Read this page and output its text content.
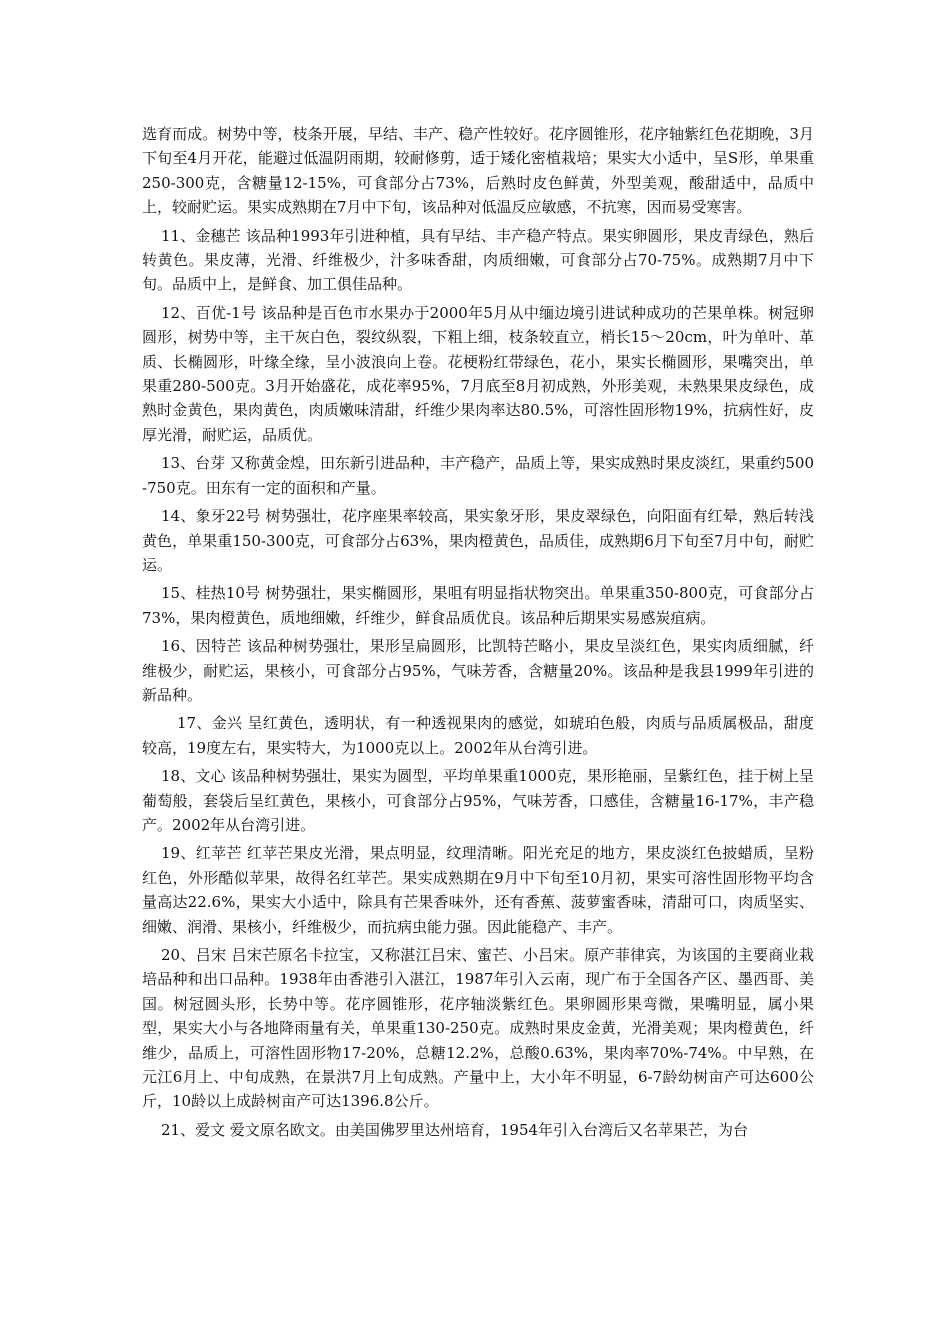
选育而成。树势中等，枝条开展，早结、丰产、稳产性较好。花序圆锥形，花序轴紫红色花期晚，3月下旬至4月开花，能避过低温阴雨期，较耐修剪，适于矮化密植栽培；果实大小适中，呈S形，单果重250-300克，含糖量12-15%，可食部分占73%，后熟时皮色鲜黄，外型美观，酸甜适中，品质中上，较耐贮运。果实成熟期在7月中下旬，该品种对低温反应敏感，不抗寒，因而易受寒害。

11、金穗芒 该品种1993年引进种植，具有早结、丰产稳产特点。果实卵圆形，果皮青绿色，熟后转黄色。果皮薄，光滑、纤维极少，汁多味香甜，肉质细嫩，可食部分占70-75%。成熟期7月中下旬。品质中上，是鲜食、加工俱佳品种。

12、百优-1号 该品种是百色市水果办于2000年5月从中缅边境引进试种成功的芒果单株。树冠卵圆形，树势中等，主干灰白色，裂纹纵裂，下粗上细，枝条较直立，梢长15～20cm，叶为单叶、革质、长椭圆形，叶缘全缘，呈小波浪向上卷。花梗粉红带绿色，花小，果实长椭圆形，果嘴突出，单果重280-500克。3月开始盛花，成花率95%，7月底至8月初成熟，外形美观，未熟果果皮绿色，成熟时金黄色，果肉黄色，肉质嫩味清甜，纤维少果肉率达80.5%，可溶性固形物19%，抗病性好，皮厚光滑，耐贮运，品质优。

13、台芽 又称黄金煌，田东新引进品种，丰产稳产，品质上等，果实成熟时果皮淡红，果重约500-750克。田东有一定的面积和产量。

14、象牙22号 树势强壮，花序座果率较高，果实象牙形，果皮翠绿色，向阳面有红晕，熟后转浅黄色，单果重150-300克，可食部分占63%，果肉橙黄色，品质佳，成熟期6月下旬至7月中旬，耐贮运。

15、桂热10号 树势强壮，果实椭圆形，果咀有明显指状物突出。单果重350-800克，可食部分占73%，果肉橙黄色，质地细嫩，纤维少，鲜食品质优良。该品种后期果实易感炭疽病。

16、因特芒 该品种树势强壮，果形呈扁圆形，比凯特芒略小，果皮呈淡红色，果实肉质细腻，纤维极少，耐贮运，果核小，可食部分占95%，气味芳香，含糖量20%。该品种是我县1999年引进的新品种。

17、金兴 呈红黄色，透明状，有一种透视果肉的感觉，如琥珀色般，肉质与品质属极品，甜度较高，19度左右，果实特大，为1000克以上。2002年从台湾引进。

18、文心 该品种树势强壮，果实为圆型，平均单果重1000克，果形艳丽，呈紫红色，挂于树上呈葡萄般，套袋后呈红黄色，果核小，可食部分占95%，气味芳香，口感佳，含糖量16-17%，丰产稳产。2002年从台湾引进。

19、红苹芒 红苹芒果皮光滑，果点明显，纹理清晰。阳光充足的地方，果皮淡红色披蜡质，呈粉红色，外形酷似苹果，故得名红苹芒。果实成熟期在9月中下旬至10月初，果实可溶性固形物平均含量高达22.6%，果实大小适中，除具有芒果香味外，还有香蕉、菠萝蜜香味，清甜可口，肉质坚实、细嫩、润滑、果核小，纤维极少，而抗病虫能力强。因此能稳产、丰产。

20、吕宋 吕宋芒原名卡拉宝，又称湛江吕宋、蜜芒、小吕宋。原产菲律宾，为该国的主要商业栽培品种和出口品种。1938年由香港引入湛江，1987年引入云南，现广布于全国各产区、墨西哥、美国。树冠圆头形，长势中等。花序圆锥形，花序轴淡紫红色。果卵圆形果弯微，果嘴明显，属小果型，果实大小与各地降雨量有关，单果重130-250克。成熟时果皮金黄，光滑美观；果肉橙黄色，纤维少，品质上，可溶性固形物17-20%，总糖12.2%，总酸0.63%，果肉率70%-74%。中早熟，在元江6月上、中旬成熟，在景洪7月上旬成熟。产量中上，大小年不明显，6-7龄幼树亩产可达600公斤，10龄以上成龄树亩产可达1396.8公斤。

21、爱文 爱文原名欧文。由美国佛罗里达州培育，1954年引入台湾后又名苹果芒，为台
